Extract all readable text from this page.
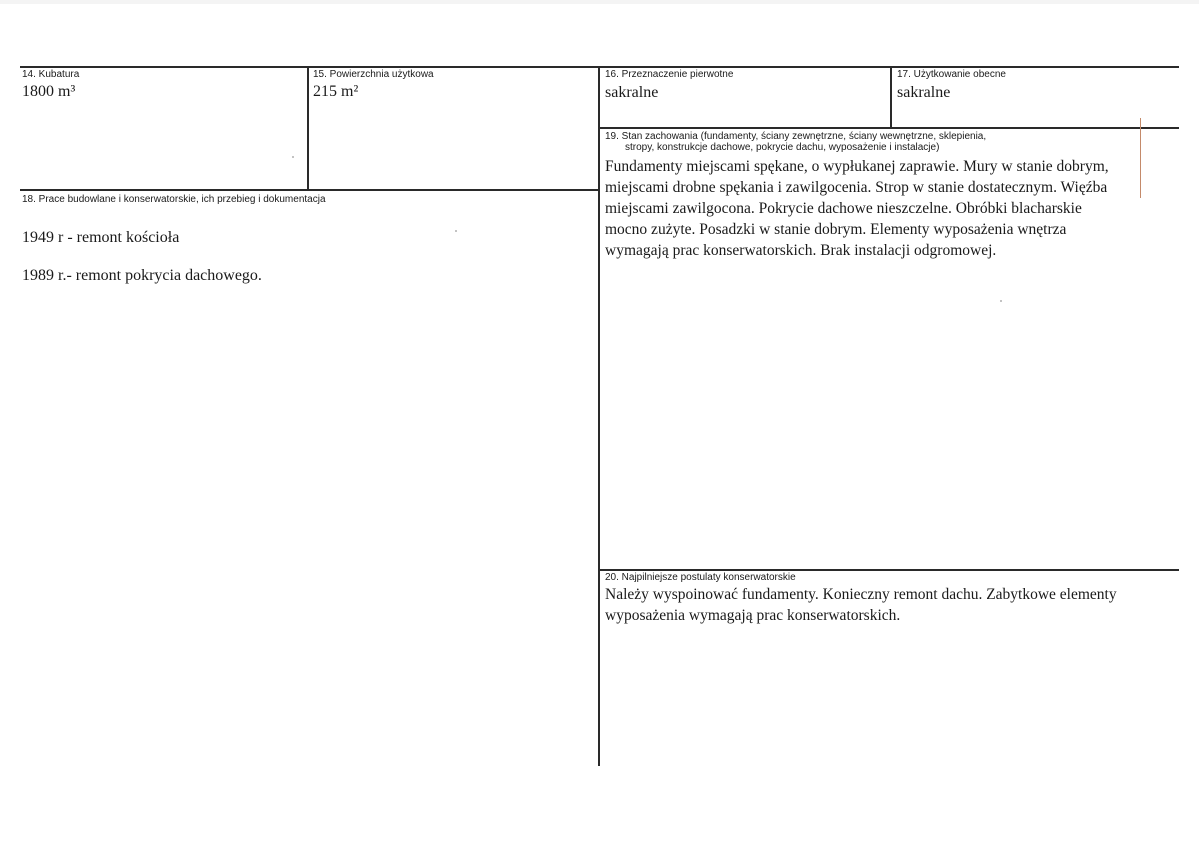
14. Kubatura
1800 m³
15. Powierzchnia użytkowa
215 m²
16. Przeznaczenie pierwotne
sakralne
17. Użytkowanie obecne
sakralne
18. Prace budowlane i konserwatorskie, ich przebieg i dokumentacja
1949 r - remont kościoła
1989 r.- remont pokrycia dachowego.
19. Stan zachowania (fundamenty, ściany zewnętrzne, ściany wewnętrzne, sklepienia,
stropy, konstrukcje dachowe, pokrycie dachu, wyposażenie i instalacje)
Fundamenty miejscami spękane, o wypłukanej zaprawie. Mury w stanie dobrym,
miejscami drobne spękania i zawilgocenia. Strop w stanie dostatecznym. Więźba
miejscami zawilgocona. Pokrycie dachowe nieszczelne. Obróbki blacharskie
mocno zużyte. Posadzki w stanie dobrym. Elementy wyposażenia wnętrza
wymagają prac konserwatorskich. Brak instalacji odgromowej.
20. Najpilniejsze postulaty konserwatorskie
Należy wyspoinować fundamenty. Konieczny remont dachu. Zabytkowe elementy
wyposażenia wymagają prac konserwatorskich.
